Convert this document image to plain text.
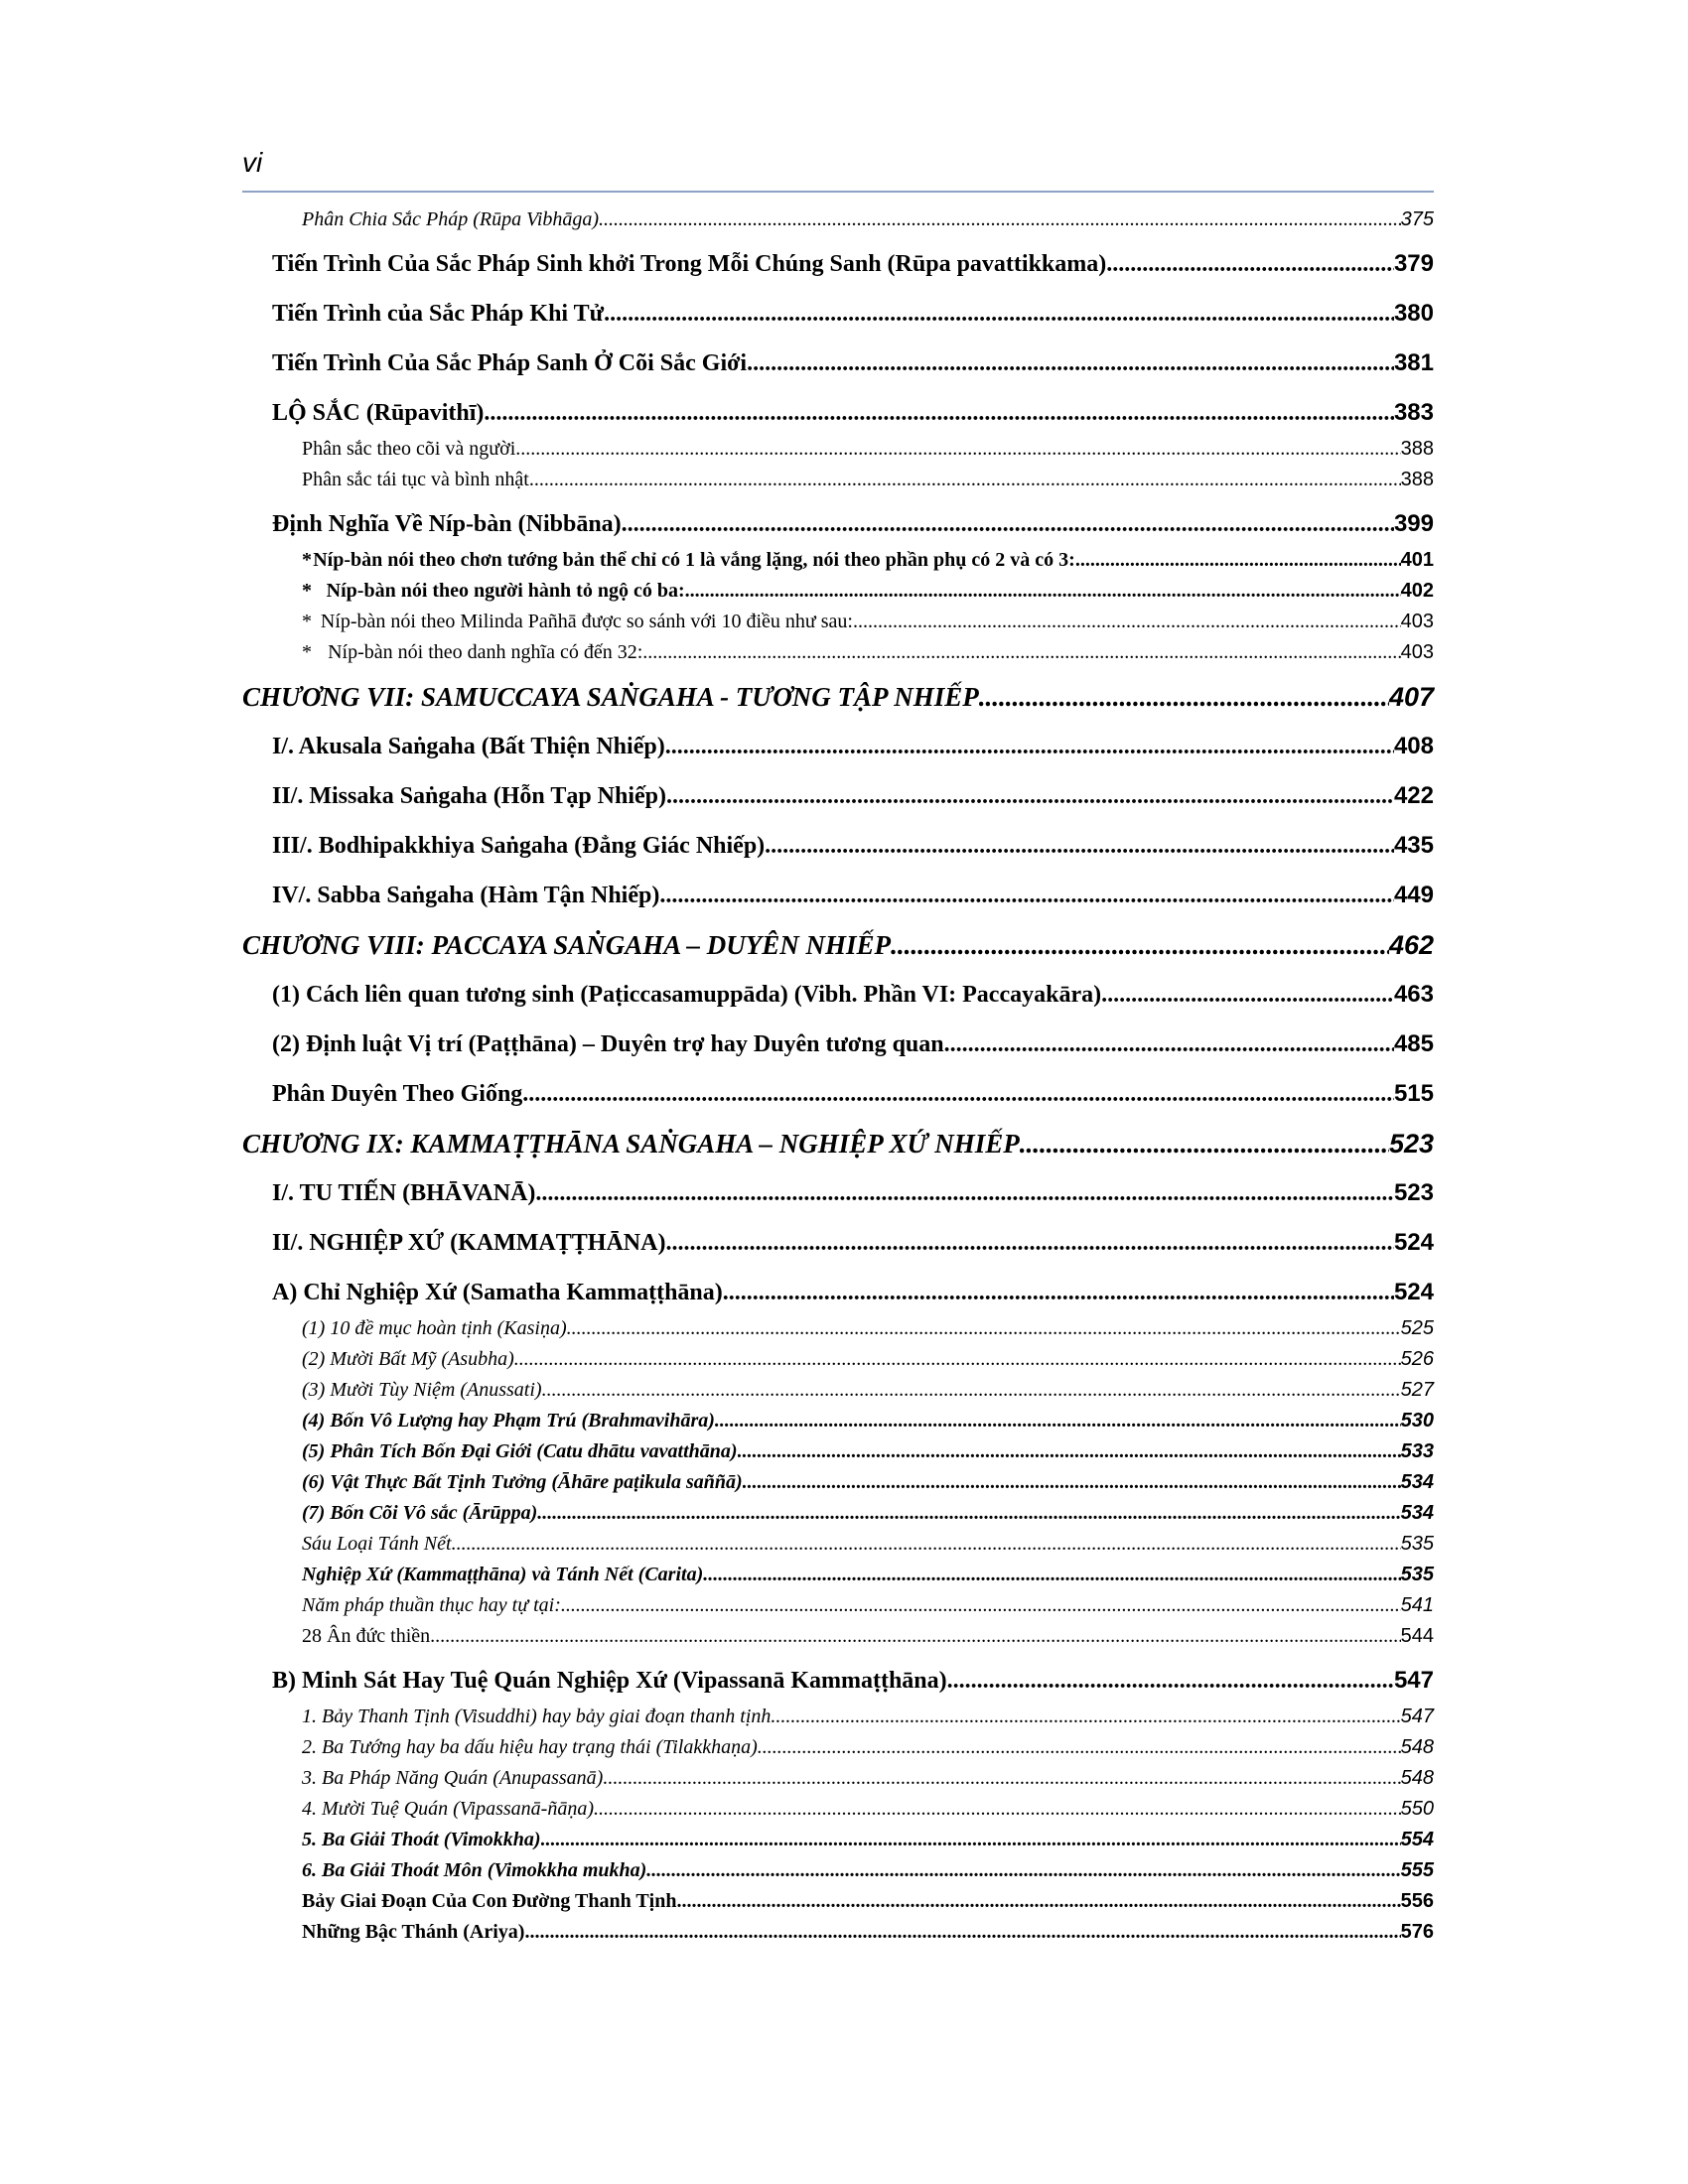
vi
Phân Chia Sắc Pháp (Rūpa Vibhāga) .....	375
Tiến Trình Của Sắc Pháp Sinh khởi Trong Mỗi Chúng Sanh (Rūpa pavattikkama) .....	379
Tiến Trình của Sắc Pháp Khi Tử .....	380
Tiến Trình Của Sắc Pháp Sanh Ở Cõi Sắc Giới .....	381
LỘ SẮC (Rūpavithī) .....	383
Phân sắc theo cõi và người. .....	388
Phân sắc tái tục và bình nhật. .....	388
Định Nghĩa Về Níp-bàn (Nibbāna) .....	399
* Níp-bàn nói theo chơn tướng bản thể chỉ có 1 là vắng lặng, nói theo phần phụ có 2 và có 3: .....	401
* Níp-bàn nói theo người hành tỏ ngộ có ba: .....	402
* Níp-bàn nói theo Milinda Pañhā được so sánh với 10 điều như sau: .....	403
* Níp-bàn nói theo danh nghĩa có đến 32: .....	403
CHƯƠNG VII: SAMUCCAYA SAṄGAHA - TƯƠNG TẬP NHIẾP .....	407
I/. Akusala Saṅgaha (Bất Thiện Nhiếp) .....	408
II/. Missaka Saṅgaha (Hỗn Tạp Nhiếp) .....	422
III/. Bodhipakkhiya Saṅgaha (Đẳng Giác Nhiếp) .....	435
IV/. Sabba Saṅgaha (Hàm Tận Nhiếp) .....	449
CHƯƠNG VIII: PACCAYA SAṄGAHA – DUYÊN NHIẾP .....	462
(1) Cách liên quan tương sinh (Paṭiccasamuppāda) (Vibh. Phần VI: Paccayakāra) .....	463
(2) Định luật Vị trí (Paṭṭhāna) – Duyên trợ hay Duyên tương quan. .....	485
Phân Duyên Theo Giống .....	515
CHƯƠNG IX: KAMMAṬṬHĀNA SAṄGAHA – NGHIỆP XỨ NHIẾP .....	523
I/. TU TIẾN (BHĀVANĀ) .....	523
II/. NGHIỆP XỨ (KAMMAṬṬHĀNA) .....	524
A) Chỉ Nghiệp Xứ (Samatha Kammaṭṭhāna) .....	524
(1) 10 đề mục hoàn tịnh (Kasiṇa) .....	525
(2) Mười Bất Mỹ (Asubha) .....	526
(3) Mười Tùy Niệm (Anussati) .....	527
(4) Bốn Vô Lượng hay Phạm Trú (Brahmavihāra) .....	530
(5) Phân Tích Bốn Đại Giới (Catu dhātu vavatthāna) .....	533
(6) Vật Thực Bất Tịnh Tưởng (Āhāre paṭikula saññā) .....	534
(7) Bốn Cõi Vô sắc (Ārūppa) .....	534
Sáu Loại Tánh Nết .....	535
Nghiệp Xứ (Kammaṭṭhāna) và Tánh Nết (Carita) .....	535
Năm pháp thuần thục hay tự tại: .....	541
28 Ân đức thiền .....	544
B) Minh Sát Hay Tuệ Quán Nghiệp Xứ (Vipassanā Kammaṭṭhāna) .....	547
1. Bảy Thanh Tịnh (Visuddhi) hay bảy giai đoạn thanh tịnh. .....	547
2. Ba Tướng hay ba dấu hiệu hay trạng thái (Tilakkhaṇa) .....	548
3. Ba Pháp Năng Quán (Anupassanā) .....	548
4. Mười Tuệ Quán (Vipassanā-ñāṇa). .....	550
5. Ba Giải Thoát (Vimokkha) .....	554
6. Ba Giải Thoát Môn (Vimokkha mukha) .....	555
Bảy Giai Đoạn Của Con Đường Thanh Tịnh .....	556
Những Bậc Thánh (Ariya) .....	576
